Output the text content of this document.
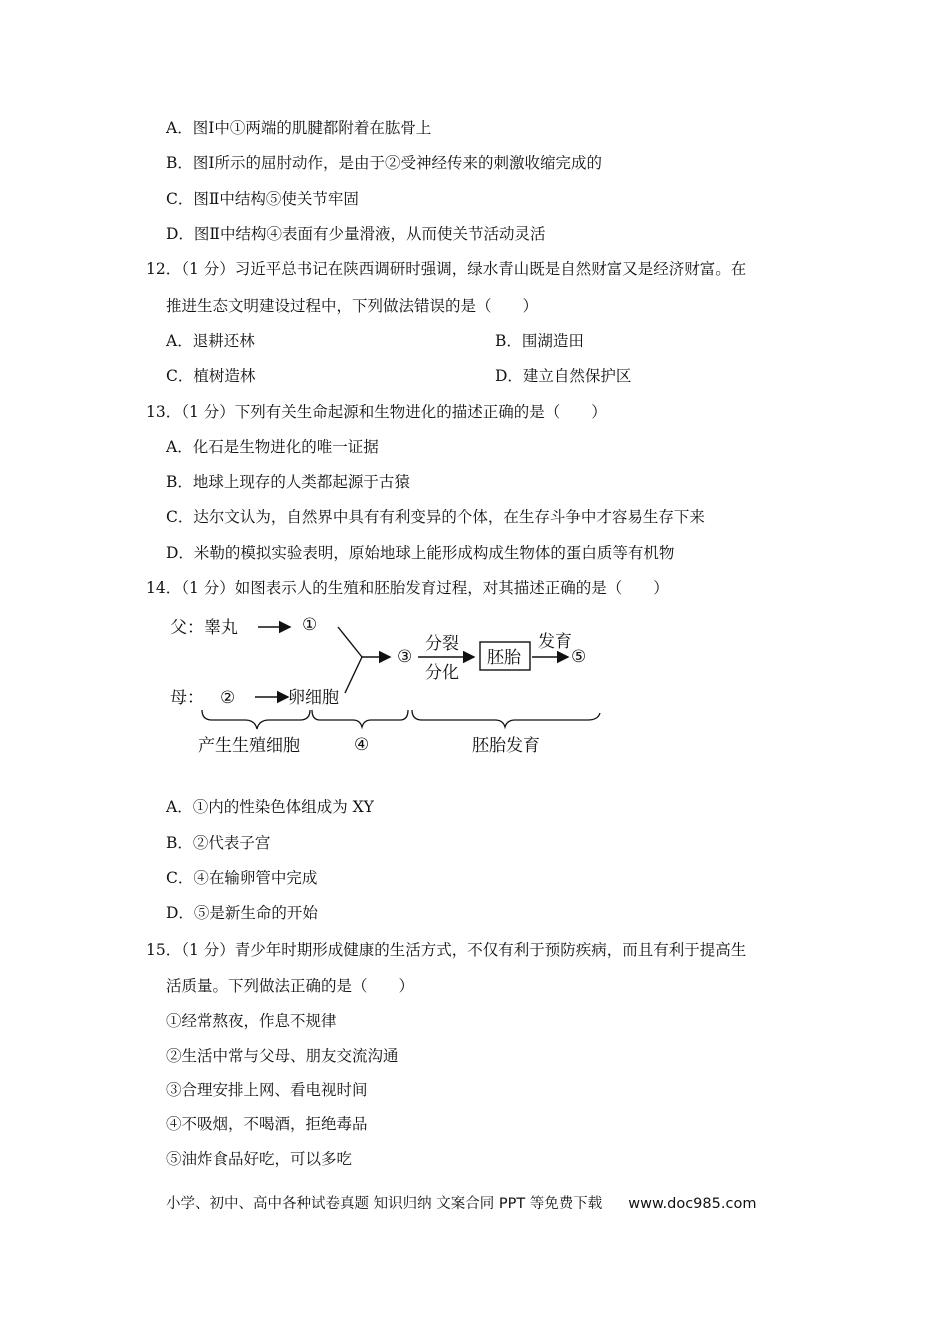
A．图Ⅰ中①两端的肌腱都附着在肱骨上
B．图Ⅰ所示的屈肘动作，是由于②受神经传来的刺激收缩完成的
C．图Ⅱ中结构⑤使关节牢固
D．图Ⅱ中结构④表面有少量滑液，从而使关节活动灵活
12．（1 分）习近平总书记在陕西调研时强调，绿水青山既是自然财富又是经济财富。在
推进生态文明建设过程中，下列做法错误的是（　　）
A．退耕还林	B．围湖造田
C．植树造林	D．建立自然保护区
13．（1 分）下列有关生命起源和生物进化的描述正确的是（　　）
A．化石是生物进化的唯一证据
B．地球上现存的人类都起源于古猿
C．达尔文认为，自然界中具有有利变异的个体，在生存斗争中才容易生存下来
D．米勒的模拟实验表明，原始地球上能形成构成生物体的蛋白质等有机物
14．（1 分）如图表示人的生殖和胚胎发育过程，对其描述正确的是（　　）
父：睾丸	①
母： ②	卵细胞
③
分裂
分化
胚胎
发育
⑤
产生生殖细胞	④	胚胎发育
A．①内的性染色体组成为 XY
B．②代表子宫
C．④在输卵管中完成
D．⑤是新生命的开始
15．（1 分）青少年时期形成健康的生活方式，不仅有利于预防疾病，而且有利于提高生
活质量。下列做法正确的是（　　）
①经常熬夜，作息不规律
②生活中常与父母、朋友交流沟通
③合理安排上网、看电视时间
④不吸烟，不喝酒，拒绝毒品
⑤油炸食品好吃，可以多吃
小学、初中、高中各种试卷真题 知识归纳 文案合同 PPT 等免费下载 www.doc985.com
